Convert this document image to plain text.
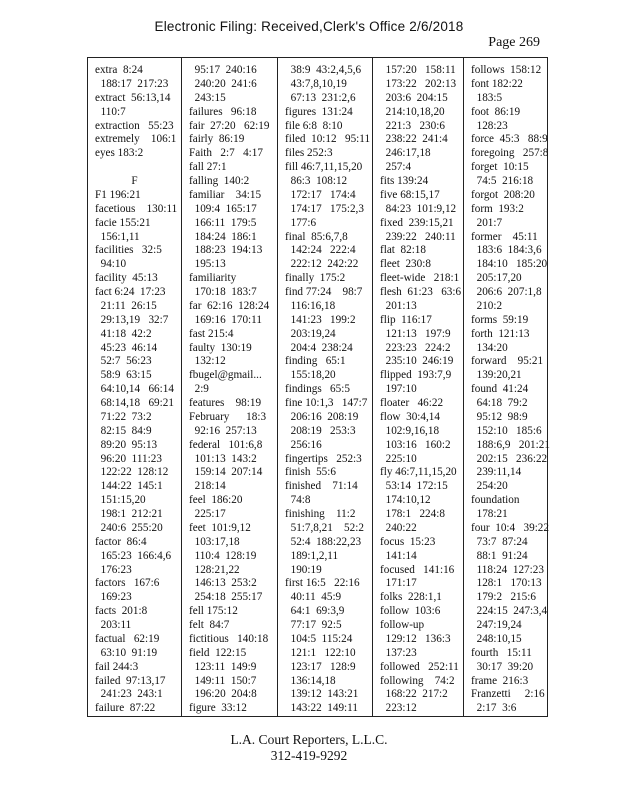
Electronic Filing: Received,Clerk's Office 2/6/2018
Page 269
extra  8:24
188:17  217:23
extract  56:13,14
110:7
extraction   55:23
extremely    106:1
eyes 183:2
F
F1 196:21
facetious    130:11
facie 155:21
156:1,11
facilities   32:5
94:10
facility  45:13
fact 6:24  17:23
21:11  26:15
29:13,19   32:7
41:18  42:2
45:23  46:14
52:7  56:23
58:9  63:15
64:10,14   66:14
68:14,18   69:21
71:22  73:2
82:15  84:9
89:20  95:13
96:20  111:23
122:22  128:12
144:22  145:1
151:15,20
198:1  212:21
240:6  255:20
factor  86:4
165:23  166:4,6
176:23
factors   167:6
169:23
facts  201:8
203:11
factual   62:19
63:10  91:19
fail 244:3
failed  97:13,17
241:23  243:1
failure  87:22
95:17  240:16
240:20  241:6
243:15
failures   96:18
fair  27:20   62:19
fairly  86:19
Faith   2:7   4:17
fall 27:1
falling  140:2
familiar    34:15
109:4  165:17
166:11  179:5
184:24  186:1
188:23  194:13
195:13
familiarity
170:18  183:7
far  62:16  128:24
169:16  170:11
fast 215:4
faulty  130:19
132:12
fbugel@gmail...
2:9
features    98:19
February      18:3
92:16  257:13
federal   101:6,8
101:13  143:2
159:14  207:14
218:14
feel  186:20
225:17
feet  101:9,12
103:17,18
110:4  128:19
128:21,22
146:13  253:2
254:18  255:17
fell 175:12
felt  84:7
fictitious   140:18
field  122:15
123:11  149:9
149:11  150:7
196:20  204:8
figure  33:12
38:9  43:2,4,5,6
43:7,8,10,19
67:13  231:2,6
figures  131:24
file 6:8  8:10
filed  10:12   95:11
files 252:3
fill 46:7,11,15,20
86:3  108:12
172:17   174:4
174:17   175:2,3
177:6
final  85:6,7,8
142:24   222:4
222:12  242:22
finally  175:2
find 77:24    98:7
116:16,18
141:23   199:2
203:19,24
204:4  238:24
finding   65:1
155:18,20
findings   65:5
fine 10:1,3   147:7
206:16  208:19
208:19   253:3
256:16
fingertips   252:3
finish  55:6
finished    71:14
74:8
finishing    11:2
51:7,8,21    52:2
52:4  188:22,23
189:1,2,11
190:19
first 16:5   22:16
40:11  45:9
64:1  69:3,9
77:17  92:5
104:5  115:24
121:1   122:10
123:17   128:9
136:14,18
139:12  143:21
143:22  149:11
157:20   158:11
173:22   202:13
203:6  204:15
214:10,18,20
221:3   230:6
238:22  241:4
246:17,18
257:4
fits 139:24
five 68:15,17
84:23  101:9,12
fixed  239:15,21
239:22   240:11
flat  82:18
fleet  230:8
fleet-wide   218:1
flesh  61:23   63:6
201:13
flip  116:17
121:13   197:9
223:23   224:2
235:10  246:19
flipped  193:7,9
197:10
floater   46:22
flow  30:4,14
102:9,16,18
103:16   160:2
225:10
fly 46:7,11,15,20
53:14  172:15
174:10,12
178:1   224:8
240:22
focus  15:23
141:14
focused   141:16
171:17
folks  228:1,1
follow  103:6
follow-up
129:12   136:3
137:23
followed   252:11
following    74:2
168:22  217:2
223:12
follows  158:12
font 182:22
183:5
foot  86:19
128:23
force  45:3   88:9
foregoing   257:8
forget  10:15
74:5  216:18
forgot  208:20
form  193:2
201:7
former    45:11
183:6  184:3,6
184:10   185:20
205:17,20
206:6  207:1,8
210:2
forms  59:19
forth  121:13
134:20
forward    95:21
139:20,21
found  41:24
64:18  79:2
95:12  98:9
152:10   185:6
188:6,9   201:21
202:15   236:22
239:11,14
254:20
foundation
178:21
four  10:4   39:22
73:7  87:24
88:1  91:24
118:24  127:23
128:1   170:13
179:2   215:6
224:15  247:3,4
247:19,24
248:10,15
fourth   15:11
30:17  39:20
frame  216:3
Franzetti     2:16
2:17  3:6
L.A. Court Reporters, L.L.C.
312-419-9292
